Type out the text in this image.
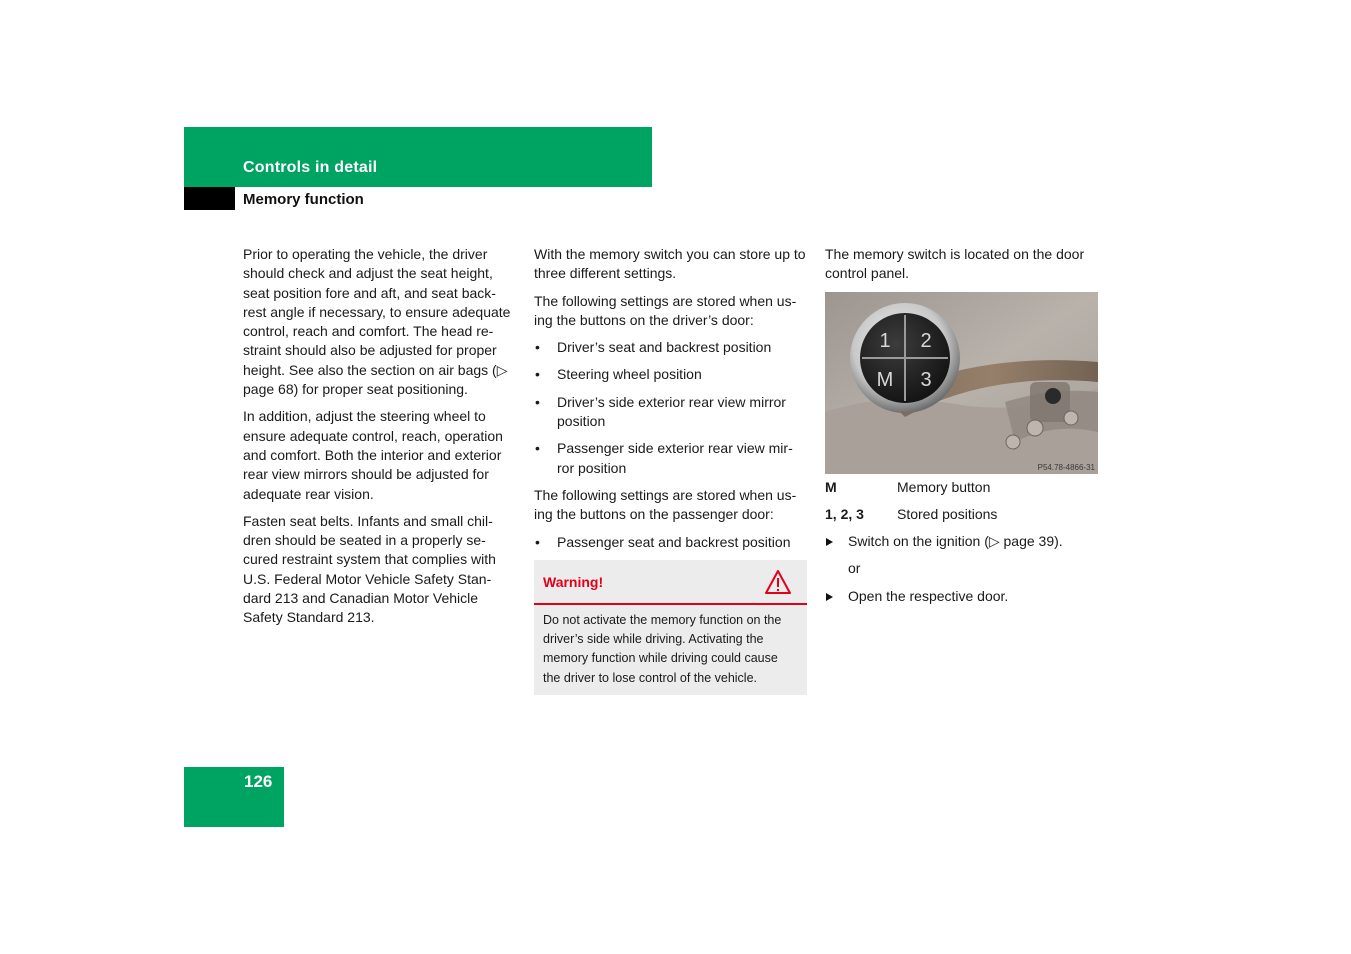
Controls in detail
Memory function

Prior to operating the vehicle, the driver should check and adjust the seat height, seat position fore and aft, and seat back-rest angle if necessary, to ensure adequate control, reach and comfort. The head re-straint should also be adjusted for proper height. See also the section on air bags (▷ page 68) for proper seat positioning.

In addition, adjust the steering wheel to ensure adequate control, reach, operation and comfort. Both the interior and exterior rear view mirrors should be adjusted for adequate rear vision.

Fasten seat belts. Infants and small chil-dren should be seated in a properly se-cured restraint system that complies with U.S. Federal Motor Vehicle Safety Stan-dard 213 and Canadian Motor Vehicle Safety Standard 213.

With the memory switch you can store up to three different settings.

The following settings are stored when us-ing the buttons on the driver’s door:

• Driver’s seat and backrest position
• Steering wheel position
• Driver’s side exterior rear view mirror position
• Passenger side exterior rear view mir-ror position

The following settings are stored when us-ing the buttons on the passenger door:

• Passenger seat and backrest position
Warning!
Do not activate the memory function on the driver’s side while driving. Activating the memory function while driving could cause the driver to lose control of the vehicle.

The memory switch is located on the door control panel.

1 2
M 3
P54.78-4866-31
M	Memory button
1, 2, 3	Stored positions
Switch on the ignition (▷ page 39).

or

Open the respective door.
126
